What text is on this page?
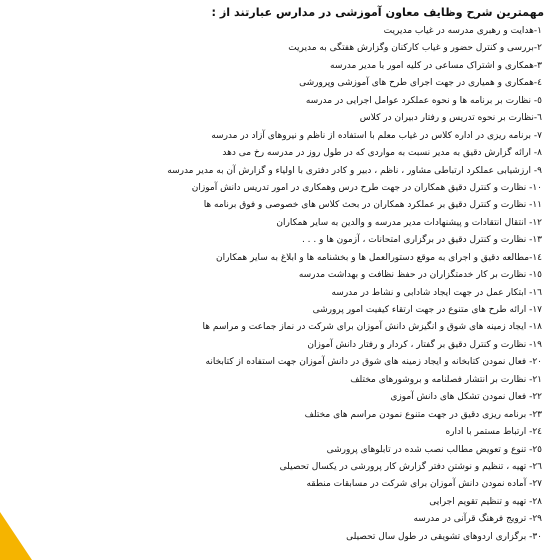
مهمترین شرح وظایف معاون آموزشی در مدارس عبارتند از :
۱-هدایت و رهبری مدرسه در غیاب مدیریت
۲-بررسی و کنترل حضور و غیاب کارکنان وگزارش هفتگی به مدیریت
۳-همکاری و اشتراک مساعی در کلیه امور با مدیر مدرسه
٤-همکاری و همیاری در جهت اجرای طرح های آموزشی وپرورشی
٥- نظارت بر برنامه ها و نحوه عملکرد عوامل اجرایی در مدرسه
٦-نظارت بر نحوه تدریس و رفتار دبیران در کلاس
۷- برنامه ریزی در اداره کلاس در غیاب معلم با استفاده از ناظم و نیروهای آزاد در مدرسه
۸- ارائه گزارش دقیق به مدیر نسبت به مواردی که در طول روز در مدرسه رخ می دهد
۹- ارزشیابی عملکرد ارتباطی مشاور ، ناظم ، دبیر و کادر دفتری با اولیاء و گزارش آن به مدیر مدرسه
۱۰- نظارت و کنترل دقیق همکاران در جهت طرح درس وهمکاری در امور تدریس دانش آموزان
۱۱- نظارت و کنترل دقیق بر عملکرد همکاران در بحث کلاس های خصوصی و فوق برنامه ها
۱۲- انتقال انتقادات و پیشنهادات مدیر مدرسه و والدین به سایر همکاران
۱۳- نظارت و کنترل دقیق در برگزاری امتحانات ، آزمون ها و . . .
١٤-مطالعه دقیق و اجرای به موقع دستورالعمل ها و بخشنامه ها و ابلاغ به سایر همکاران
١٥- نظارت بر کار خدمتگزاران در حفظ نظافت و بهداشت مدرسه
١٦- ابتکار عمل در جهت ایجاد شادابی و نشاط در مدرسه
۱۷- ارائه طرح های متنوع در جهت ارتقاء کیفیت امور پرورشی
۱۸- ایجاد زمینه های شوق و انگیزش دانش آموزان برای شرکت در نماز جماعت و مراسم ها
۱۹- نظارت و کنترل دقیق بر گفتار ، کردار و رفتار دانش آموزان
۲۰- فعال نمودن کتابخانه و ایجاد زمینه های شوق در دانش آموزان جهت استفاده از کتابخانه
۲۱- نظارت بر انتشار فصلنامه و بروشورهای مختلف
۲۲- فعال نمودن تشکل های دانش آموزی
۲۳- برنامه ریزی دقیق در جهت متنوع نمودن مراسم های مختلف
۲٤- ارتباط مستمر با اداره
۲٥- تنوع و تعویض مطالب نصب شده در تابلوهای پرورشی
۲٦- تهیه ، تنظیم و نوشتن دفتر گزارش کار پرورشی در یکسال تحصیلی
۲۷- آماده نمودن دانش آموزان برای شرکت در مسابقات منطقه
۲۸- تهیه و تنظیم تقویم اجرایی
۲۹- ترویج فرهنگ قرآنی در مدرسه
۳۰- برگزاری اردوهای تشویقی در طول سال تحصیلی
